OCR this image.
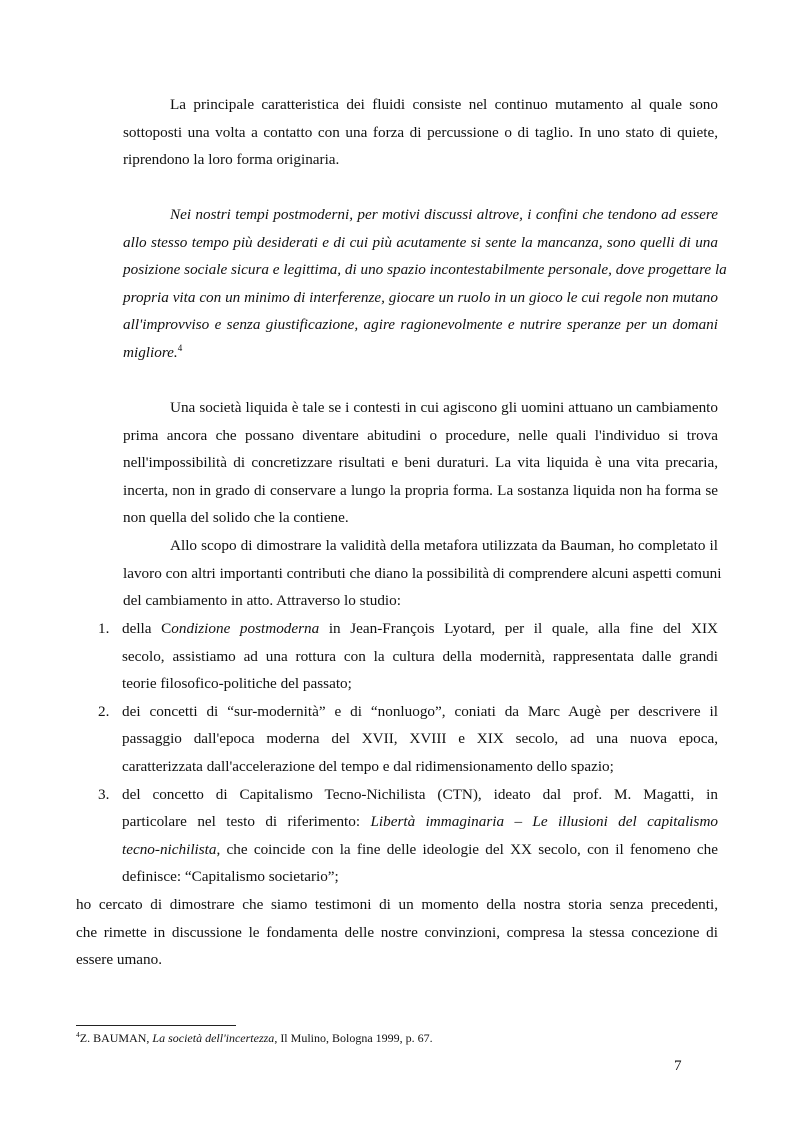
La principale caratteristica dei fluidi consiste nel continuo mutamento al quale sono
sottoposti una volta a contatto con una forza di percussione o di taglio. In uno stato di quiete,
riprendono la loro forma originaria.
Nei nostri tempi postmoderni, per motivi discussi altrove, i confini che tendono ad essere
allo stesso tempo più desiderati e di cui più acutamente si sente la mancanza, sono quelli di una
posizione sociale sicura e legittima, di uno spazio incontestabilmente personale, dove progettare la
propria vita con un minimo di interferenze, giocare un ruolo in un gioco le cui regole non mutano
all'improvviso e senza giustificazione, agire ragionevolmente e nutrire speranze per un domani
migliore.$^4$
Una società liquida è tale se i contesti in cui agiscono gli uomini attuano un cambiamento
prima ancora che possano diventare abitudini o procedure, nelle quali l'individuo si trova
nell'impossibilità di concretizzare risultati e beni duraturi. La vita liquida è una vita precaria,
incerta, non in grado di conservare a lungo la propria forma. La sostanza liquida non ha forma se
non quella del solido che la contiene.
Allo scopo di dimostrare la validità della metafora utilizzata da Bauman, ho completato il
lavoro con altri importanti contributi che diano la possibilità di comprendere alcuni aspetti comuni
del cambiamento in atto. Attraverso lo studio:
1. della Condizione postmoderna in Jean-François Lyotard, per il quale, alla fine del XIX
secolo, assistiamo ad una rottura con la cultura della modernità, rappresentata dalle grandi
teorie filosofico-politiche del passato;
2. dei concetti di “sur-modernità” e di “nonluogo”, coniati da Marc Augè per descrivere il
passaggio dall'epoca moderna del XVII, XVIII e XIX secolo, ad una nuova epoca,
caratterizzata dall'accelerazione del tempo e dal ridimensionamento dello spazio;
3. del concetto di Capitalismo Tecno-Nichilista (CTN), ideato dal prof. M. Magatti, in
particolare nel testo di riferimento: Libertà immaginaria – Le illusioni del capitalismo
tecno-nichilista, che coincide con la fine delle ideologie del XX secolo, con il fenomeno che
definisce: “Capitalismo societario”;
ho cercato di dimostrare che siamo testimoni di un momento della nostra storia senza precedenti,
che rimette in discussione le fondamenta delle nostre convinzioni, compresa la stessa concezione di
essere umano.
$^4$Z. BAUMAN, La società dell'incertezza, Il Mulino, Bologna 1999, p. 67.
7
